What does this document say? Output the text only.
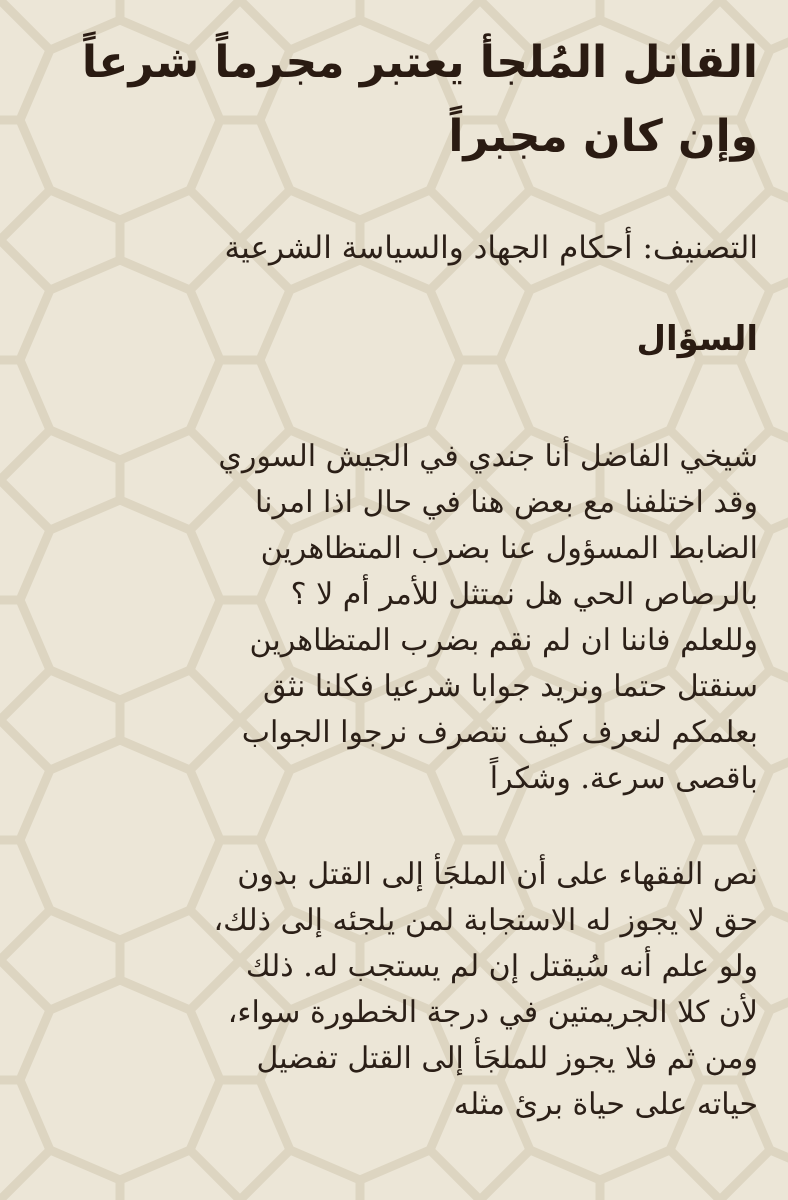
القاتل المُلجأ يعتبر مجرماً شرعاً
وإن كان مجبراً
التصنيف: أحكام الجهاد والسياسة الشرعية
السؤال
شيخي الفاضل أنا جندي في الجيش السوري
وقد اختلفنا مع بعض هنا في حال اذا امرنا
الضابط المسؤول عنا بضرب المتظاهرين
بالرصاص الحي هل نمتثل للأمر أم لا ؟
وللعلم فاننا ان لم نقم بضرب المتظاهرين
سنقتل حتما ونريد جوابا شرعيا فكلنا نثق
بعلمكم لنعرف كيف نتصرف نرجوا الجواب
باقصى سرعة. وشكراً
نص الفقهاء على أن الملجَأ إلى القتل بدون
حق لا يجوز له الاستجابة لمن يلجئه إلى ذلك،
ولو علم أنه سُيقتل إن لم يستجب له. ذلك
لأن كلا الجريمتين في درجة الخطورة سواء،
ومن ثم فلا يجوز للملجَأ إلى القتل تفضيل
حياته على حياة برئ مثله
